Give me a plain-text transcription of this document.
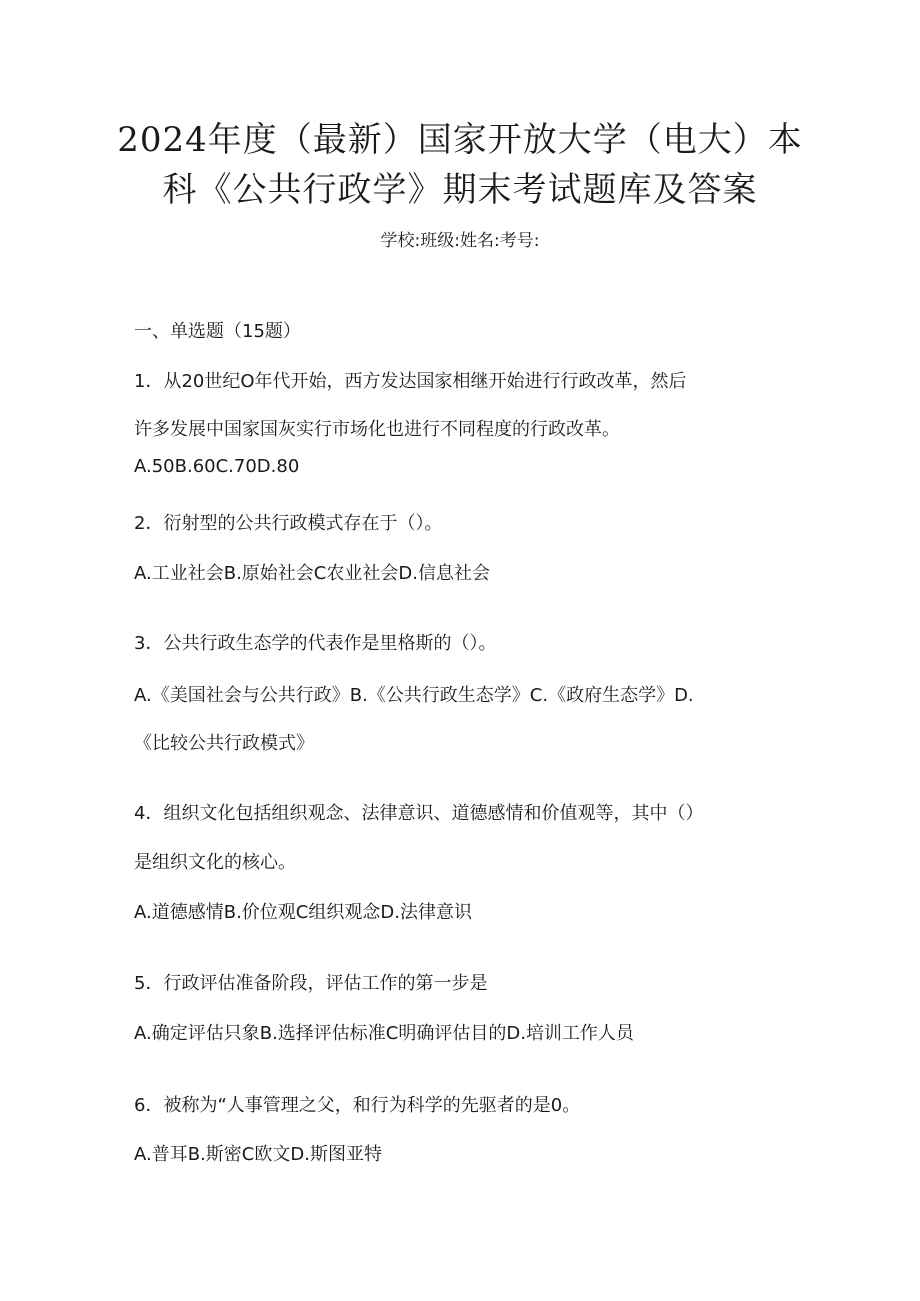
2024年度（最新）国家开放大学（电大）本
科《公共行政学》期末考试题库及答案
学校:班级:姓名:考号:

一、单选题（15题）

1．从20世纪O年代开始，西方发达国家相继开始进行行政改革，然后

许多发展中国家国灰实行市场化也进行不同程度的行政改革。

A.50B.60C.70D.80

2．衍射型的公共行政模式存在于（）。

A.工业社会B.原始社会C农业社会D.信息社会

3．公共行政生态学的代表作是里格斯的（）。

A.《美国社会与公共行政》B.《公共行政生态学》C.《政府生态学》D.

《比较公共行政模式》

4．组织文化包括组织观念、法律意识、道德感情和价值观等，其中（）

是组织文化的核心。

A.道德感情B.价位观C组织观念D.法律意识

5．行政评估准备阶段，评估工作的第一步是

A.确定评估只象B.选择评估标准C明确评估目的D.培训工作人员

6．被称为“人事管理之父，和行为科学的先驱者的是0。

A.普耳B.斯密C欧文D.斯图亚特
